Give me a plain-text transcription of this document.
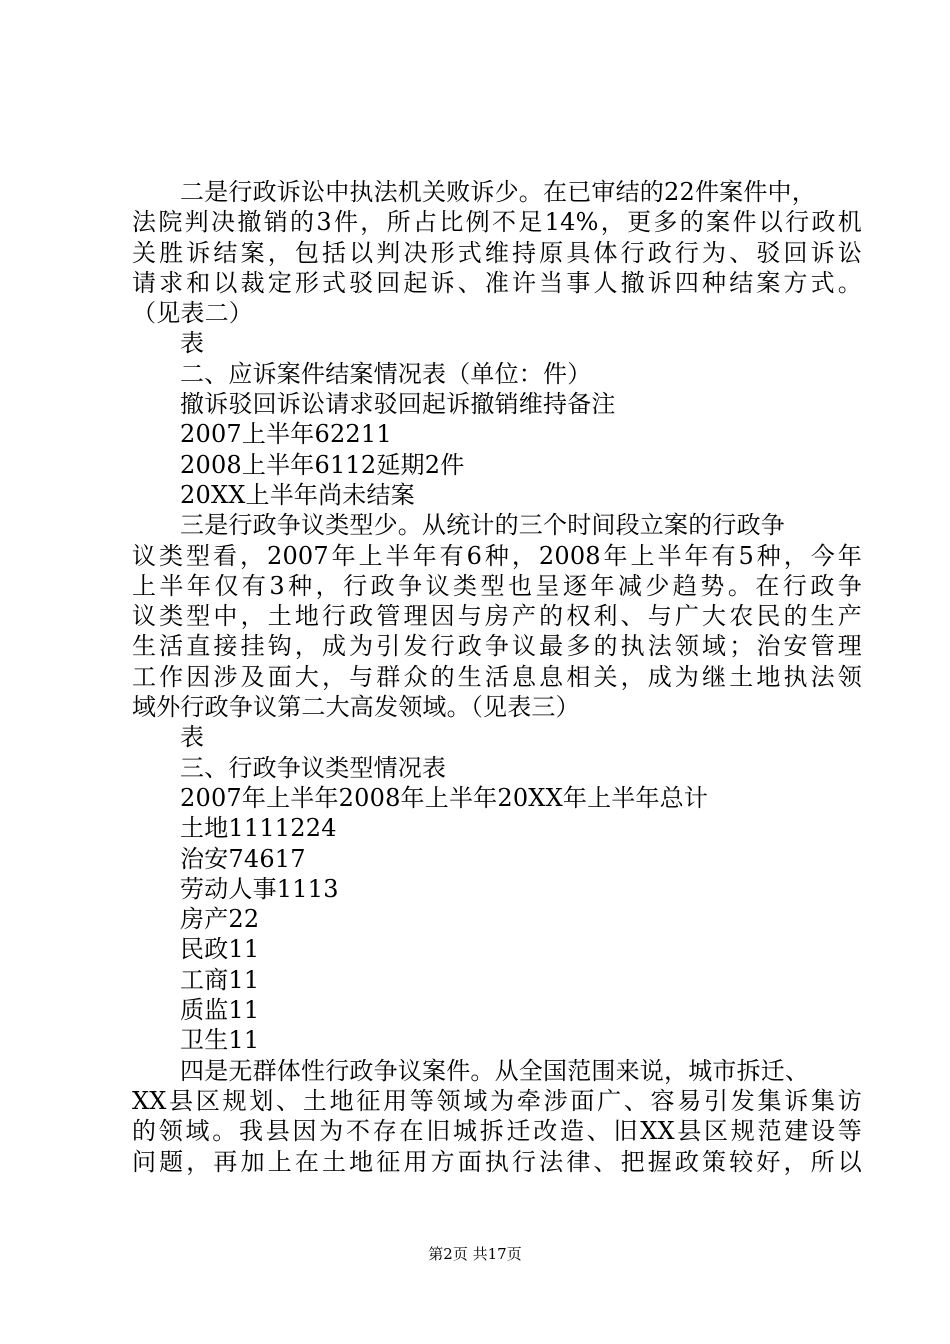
二是行政诉讼中执法机关败诉少。在已审结的22件案件中，
法院判决撤销的3件，所占比例不足14%，更多的案件以行政机
关胜诉结案，包括以判决形式维持原具体行政行为、驳回诉讼
请求和以裁定形式驳回起诉、准许当事人撤诉四种结案方式。
（见表二）
表
二、应诉案件结案情况表（单位：件）
撤诉驳回诉讼请求驳回起诉撤销维持备注
2007上半年62211
2008上半年6112延期2件
20XX上半年尚未结案
三是行政争议类型少。从统计的三个时间段立案的行政争
议类型看，2007年上半年有6种，2008年上半年有5种，今年
上半年仅有3种，行政争议类型也呈逐年减少趋势。在行政争
议类型中，土地行政管理因与房产的权利、与广大农民的生产
生活直接挂钩，成为引发行政争议最多的执法领域；治安管理
工作因涉及面大，与群众的生活息息相关，成为继土地执法领
域外行政争议第二大高发领域。（见表三）
表
三、行政争议类型情况表
2007年上半年2008年上半年20XX年上半年总计
土地1111224
治安74617
劳动人事1113
房产22
民政11
工商11
质监11
卫生11
四是无群体性行政争议案件。从全国范围来说，城市拆迁、
XX县区规划、土地征用等领域为牵涉面广、容易引发集诉集访
的领域。我县因为不存在旧城拆迁改造、旧XX县区规范建设等
问题，再加上在土地征用方面执行法律、把握政策较好，所以
第2页 共17页
